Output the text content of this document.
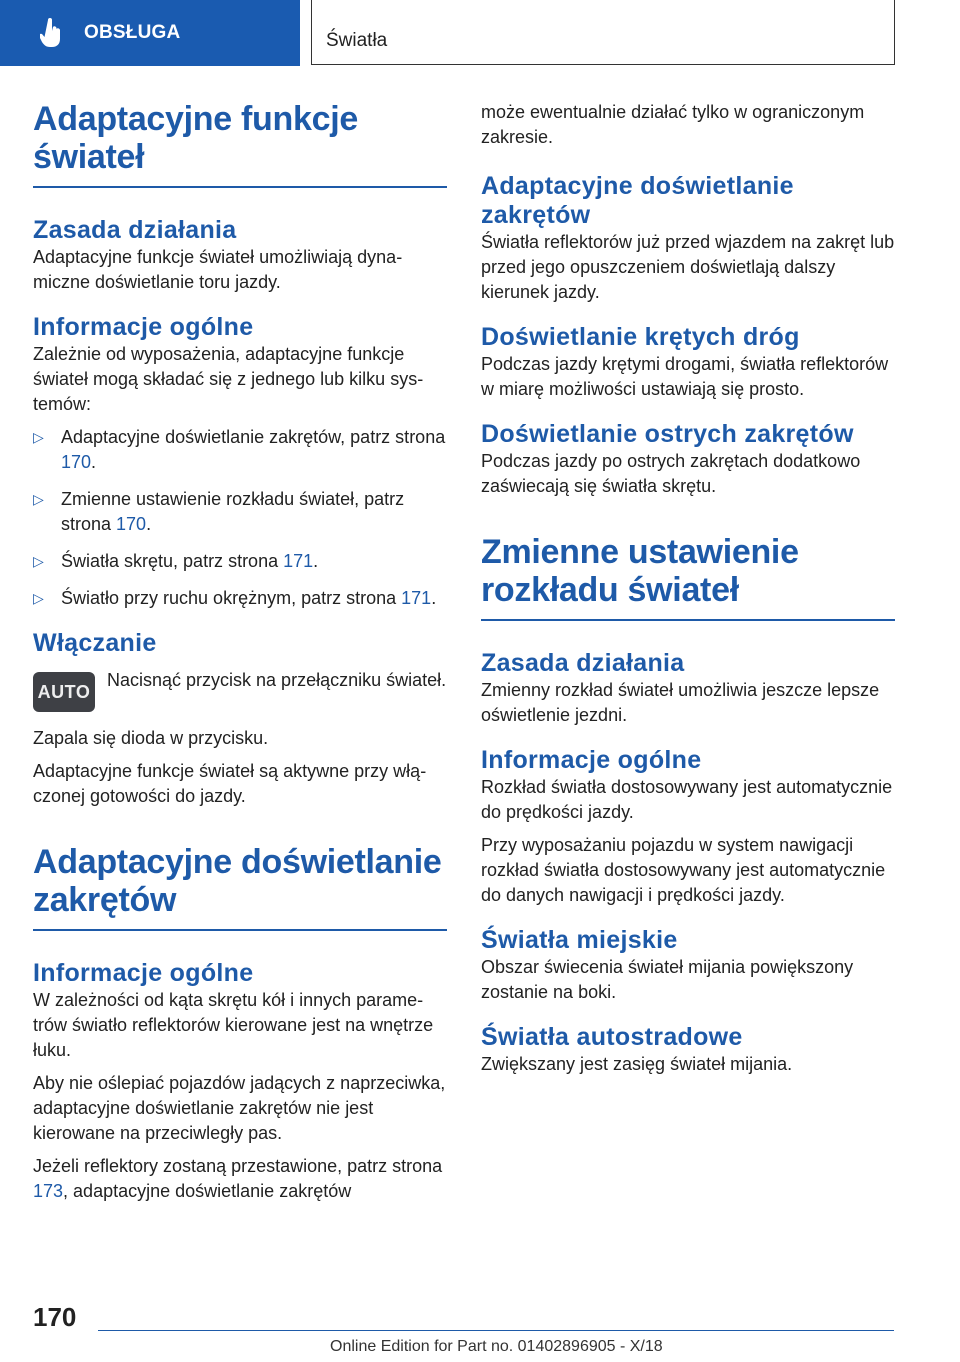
OBSŁUGA	Światła
Adaptacyjne funkcje świateł
Zasada działania

Adaptacyjne funkcje świateł umożliwiają dynamiczne doświetlanie toru jazdy.

Informacje ogólne

Zależnie od wyposażenia, adaptacyjne funkcje świateł mogą składać się z jednego lub kilku systemów:

▷ Adaptacyjne doświetlanie zakrętów, patrz strona 170.
▷ Zmienne ustawienie rozkładu świateł, patrz strona 170.
▷ Światła skrętu, patrz strona 171.
▷ Światło przy ruchu okrężnym, patrz strona 171.
Włączanie
AUTO

Nacisnąć przycisk na przełączniku świateł.

Zapala się dioda w przycisku.

Adaptacyjne funkcje świateł są aktywne przy włączonej gotowości do jazdy.

Adaptacyjne doświetlanie zakrętów
Informacje ogólne

W zależności od kąta skrętu kół i innych parametrów światło reflektorów kierowane jest na wnętrze łuku.

Aby nie oślepiać pojazdów jadących z naprzeciwka, adaptacyjne doświetlanie zakrętów nie jest kierowane na przeciwległy pas.

Jeżeli reflektory zostaną przestawione, patrz strona 173, adaptacyjne doświetlanie zakrętów

może ewentualnie działać tylko w ograniczonym zakresie.

Adaptacyjne doświetlanie zakrętów

Światła reflektorów już przed wjazdem na zakręt lub przed jego opuszczeniem doświetlają dalszy kierunek jazdy.

Doświetlanie krętych dróg

Podczas jazdy krętymi drogami, światła reflektorów w miarę możliwości ustawiają się prosto.

Doświetlanie ostrych zakrętów

Podczas jazdy po ostrych zakrętach dodatkowo zaświecają się światła skrętu.

Zmienne ustawienie rozkładu świateł
Zasada działania

Zmienny rozkład świateł umożliwia jeszcze lepsze oświetlenie jezdni.

Informacje ogólne

Rozkład światła dostosowywany jest automatycznie do prędkości jazdy.

Przy wyposażaniu pojazdu w system nawigacji rozkład światła dostosowywany jest automatycznie do danych nawigacji i prędkości jazdy.

Światła miejskie

Obszar świecenia świateł mijania powiększony zostanie na boki.

Światła autostradowe

Zwiększany jest zasięg świateł mijania.

170
Online Edition for Part no. 01402896905 - X/18
